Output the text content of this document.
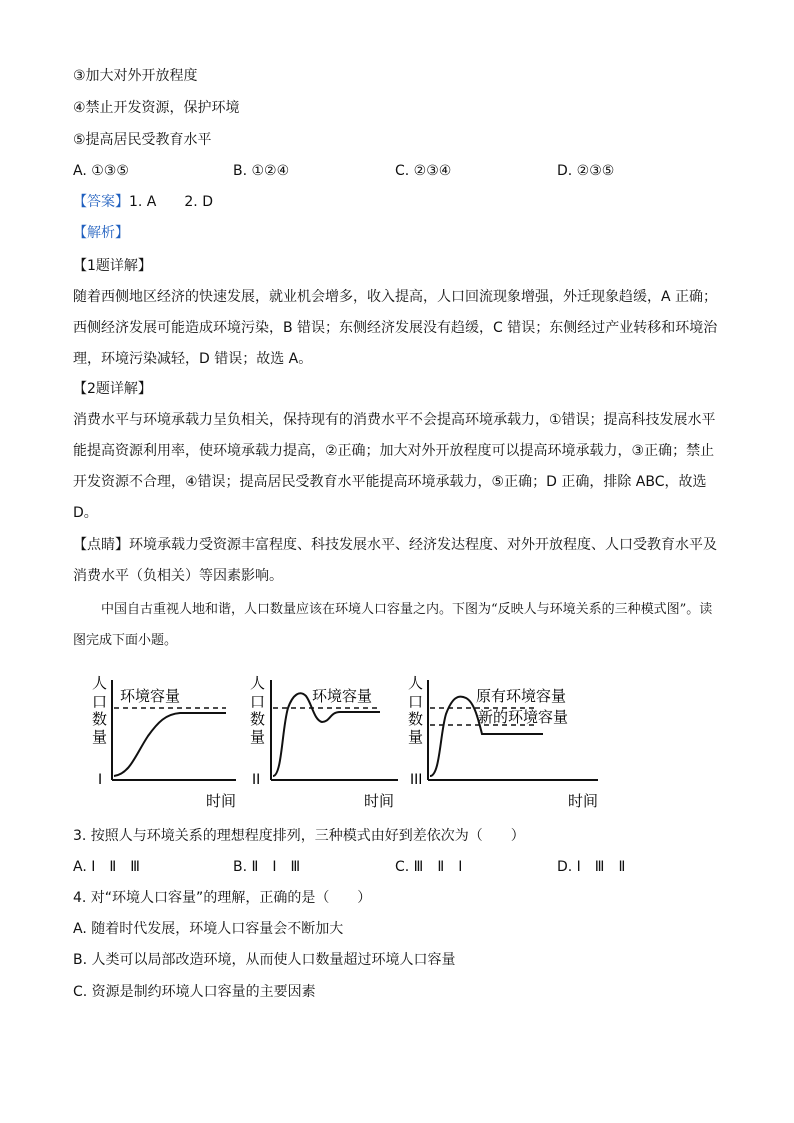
③加大对外开放程度
④禁止开发资源，保护环境
⑤提高居民受教育水平
A. ①③⑤	B. ①②④	C. ②③④	D. ②③⑤
【答案】1. A　　2. D
【解析】
【1题详解】
随着西侧地区经济的快速发展，就业机会增多，收入提高，人口回流现象增强，外迁现象趋缓，A 正确；西侧经济发展可能造成环境污染，B 错误；东侧经济发展没有趋缓，C 错误；东侧经过产业转移和环境治理，环境污染减轻，D 错误；故选 A。
【2题详解】
消费水平与环境承载力呈负相关，保持现有的消费水平不会提高环境承载力，①错误；提高科技发展水平能提高资源利用率，使环境承载力提高，②正确；加大对外开放程度可以提高环境承载力，③正确；禁止开发资源不合理，④错误；提高居民受教育水平能提高环境承载力，⑤正确；D 正确，排除 ABC，故选 D。
【点睛】环境承载力受资源丰富程度、科技发展水平、经济发达程度、对外开放程度、人口受教育水平及消费水平（负相关）等因素影响。
中国自古重视人地和谐，人口数量应该在环境人口容量之内。下图为“反映人与环境关系的三种模式图”。读图完成下面小题。
人
口
数
量
I
环境容量
人
口
数
量
II
环境容量
人
口
数
量
III
原有环境容量
新的环境容量
时间	时间	时间
3. 按照人与环境关系的理想程度排列，三种模式由好到差依次为（　　）
A. Ⅰ　Ⅱ　Ⅲ	B. Ⅱ　Ⅰ　Ⅲ	C. Ⅲ　Ⅱ　Ⅰ	D. Ⅰ　Ⅲ　Ⅱ
4. 对“环境人口容量”的理解，正确的是（　　）
A. 随着时代发展，环境人口容量会不断加大
B. 人类可以局部改造环境，从而使人口数量超过环境人口容量
C. 资源是制约环境人口容量的主要因素
